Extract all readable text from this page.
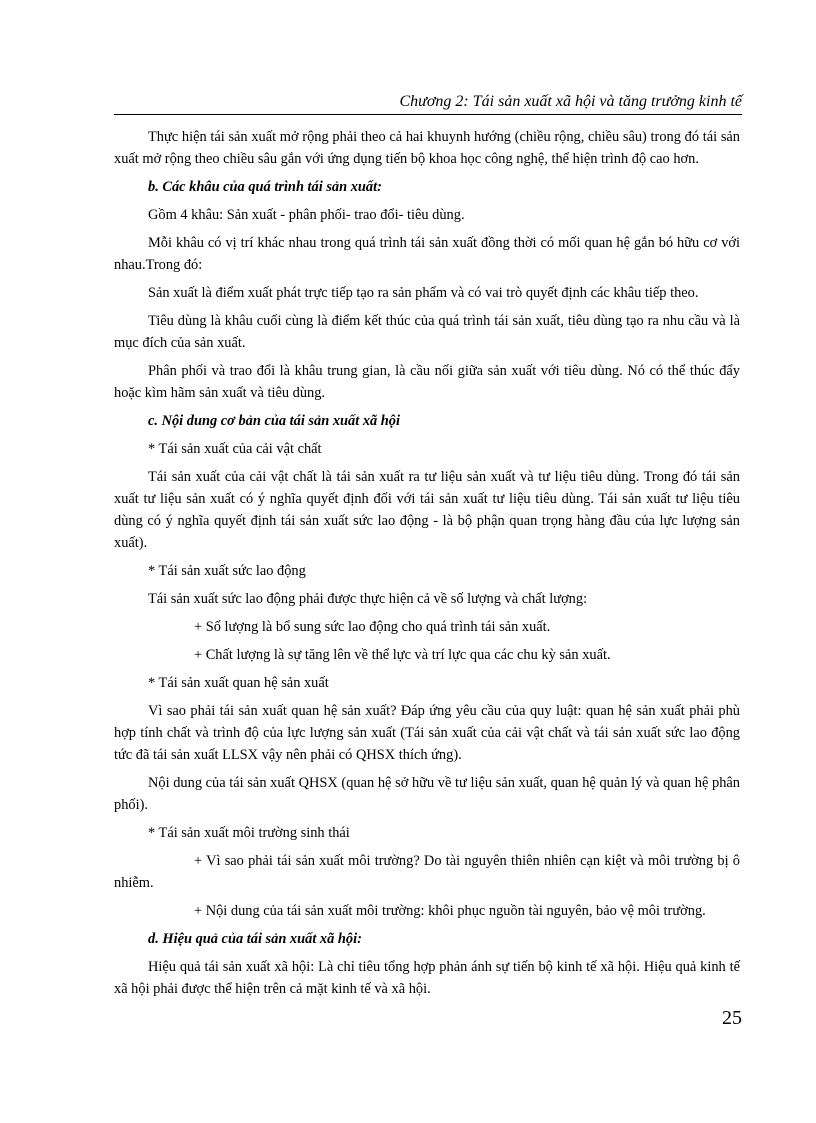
Chương 2: Tái sản xuất xã hội và tăng trưởng kinh tế

Thực hiện tái sản xuất mở rộng phải theo cả hai khuynh hướng (chiều rộng, chiều sâu) trong đó tái sản xuất mở rộng theo chiều sâu gắn với ứng dụng tiến bộ khoa học công nghệ, thể hiện trình độ cao hơn.

b. Các khâu của quá trình tái sản xuất:

Gồm 4 khâu: Sản xuất - phân phối- trao đổi- tiêu dùng.

Mỗi khâu có vị trí khác nhau trong quá trình tái sản xuất đồng thời có mối quan hệ gắn bó hữu cơ với nhau.Trong đó:

Sản xuất là điểm xuất phát trực tiếp tạo ra sản phẩm và có vai trò quyết định các khâu tiếp theo.

Tiêu dùng là khâu cuối cùng là điểm kết thúc của quá trình tái sản xuất, tiêu dùng tạo ra nhu cầu và là mục đích của sản xuất.

Phân phối và trao đổi là khâu trung gian, là cầu nối giữa sản xuất với tiêu dùng. Nó có thể thúc đẩy hoặc kìm hãm sản xuất và tiêu dùng.

c. Nội dung cơ bản của tái sản xuất xã hội

* Tái sản xuất của cải vật chất

Tái sản xuất của cải vật chất là tái sản xuất ra tư liệu sản xuất và tư liệu tiêu dùng. Trong đó tái sản xuất tư liệu sản xuất có ý nghĩa quyết định đối với tái sản xuất tư liệu tiêu dùng. Tái sản xuất tư liệu tiêu dùng có ý nghĩa quyết định tái sản xuất sức lao động - là bộ phận quan trọng hàng đầu của lực lượng sản xuất).

* Tái sản xuất sức lao động

Tái sản xuất sức lao động phải được thực hiện cả về số lượng và chất lượng:

+ Số lượng là bổ sung sức lao động cho quá trình tái sản xuất.

+ Chất lượng là sự tăng lên về thể lực và trí lực qua các chu kỳ sản xuất.

* Tái sản xuất quan hệ sản xuất

Vì sao phải tái sản xuất quan hệ sản xuất? Đáp ứng yêu cầu của quy luật: quan hệ sản xuất phải phù hợp tính chất và trình độ của lực lượng sản xuất (Tái sản xuất của cải vật chất và tái sản xuất sức lao động tức đã tái sản xuất LLSX vậy nên phải có QHSX thích ứng).

Nội dung của tái sản xuất QHSX (quan hệ sở hữu về tư liệu sản xuất, quan hệ quản lý và quan hệ phân phối).

* Tái sản xuất môi trường sinh thái

+ Vì sao phải tái sản xuất môi trường? Do tài nguyên thiên nhiên cạn kiệt và môi trường bị ô nhiễm.

+ Nội dung của tái sản xuất môi trường: khôi phục nguồn tài nguyên, bảo vệ môi trường.

d. Hiệu quả của tái sản xuất xã hội:

Hiệu quả tái sản xuất xã hội: Là chỉ tiêu tổng hợp phản ánh sự tiến bộ kinh tế xã hội. Hiệu quả kinh tế xã hội phải được thể hiện trên cả mặt kinh tế và xã hội.

25
